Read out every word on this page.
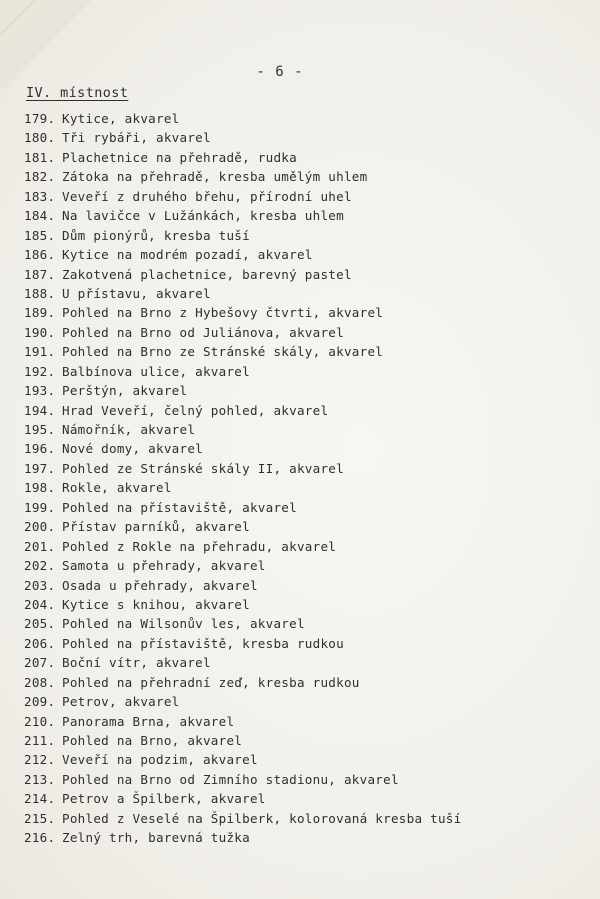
- 6 -
IV. místnost
179. Kytice, akvarel
180. Tři rybáři, akvarel
181. Plachetnice na přehradě, rudka
182. Zátoka na přehradě, kresba umělým uhlem
183. Veveří z druhého břehu, přírodní uhel
184. Na lavičce v Lužánkách, kresba uhlem
185. Dům pionýrů, kresba tuší
186. Kytice na modrém pozadí, akvarel
187. Zakotvená plachetnice, barevný pastel
188. U přístavu, akvarel
189. Pohled na Brno z Hybešovy čtvrti, akvarel
190. Pohled na Brno od Juliánova, akvarel
191. Pohled na Brno ze Stránské skály, akvarel
192. Balbínova ulice, akvarel
193. Perštýn, akvarel
194. Hrad Veveří, čelný pohled, akvarel
195. Námořník, akvarel
196. Nové domy, akvarel
197. Pohled ze Stránské skály II, akvarel
198. Rokle, akvarel
199. Pohled na přístaviště, akvarel
200. Přístav parníků, akvarel
201. Pohled z Rokle na přehradu, akvarel
202. Samota u přehrady, akvarel
203. Osada u přehrady, akvarel
204. Kytice s knihou, akvarel
205. Pohled na Wilsonův les, akvarel
206. Pohled na přístaviště, kresba rudkou
207. Boční vítr, akvarel
208. Pohled na přehradní zeď, kresba rudkou
209. Petrov, akvarel
210. Panorama Brna, akvarel
211. Pohled na Brno, akvarel
212. Veveří na podzim, akvarel
213. Pohled na Brno od Zimního stadionu, akvarel
214. Petrov a Špilberk, akvarel
215. Pohled z Veselé na Špilberk, kolorovaná kresba tuší
216. Zelný trh, barevná tužka
